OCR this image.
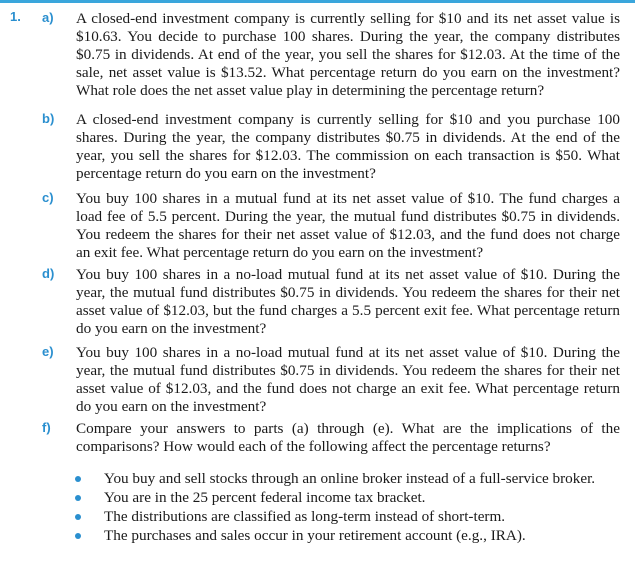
1. a) A closed-end investment company is currently selling for $10 and its net asset value is $10.63. You decide to purchase 100 shares. During the year, the company distributes $0.75 in dividends. At end of the year, you sell the shares for $12.03. At the time of the sale, net asset value is $13.52. What percentage return do you earn on the investment? What role does the net asset value play in determining the percentage return?

b) A closed-end investment company is currently selling for $10 and you purchase 100 shares. During the year, the company distributes $0.75 in dividends. At the end of the year, you sell the shares for $12.03. The commission on each transaction is $50. What percentage return do you earn on the investment?

c) You buy 100 shares in a mutual fund at its net asset value of $10. The fund charges a load fee of 5.5 percent. During the year, the mutual fund distributes $0.75 in dividends. You redeem the shares for their net asset value of $12.03, and the fund does not charge an exit fee. What percentage return do you earn on the investment?

d) You buy 100 shares in a no-load mutual fund at its net asset value of $10. During the year, the mutual fund distributes $0.75 in dividends. You redeem the shares for their net asset value of $12.03, but the fund charges a 5.5 percent exit fee. What percentage return do you earn on the investment?

e) You buy 100 shares in a no-load mutual fund at its net asset value of $10. During the year, the mutual fund distributes $0.75 in dividends. You redeem the shares for their net asset value of $12.03, and the fund does not charge an exit fee. What percentage return do you earn on the investment?

f) Compare your answers to parts (a) through (e). What are the implications of the comparisons? How would each of the following affect the percentage returns?

You buy and sell stocks through an online broker instead of a full-service broker.
You are in the 25 percent federal income tax bracket.
The distributions are classified as long-term instead of short-term.
The purchases and sales occur in your retirement account (e.g., IRA).
